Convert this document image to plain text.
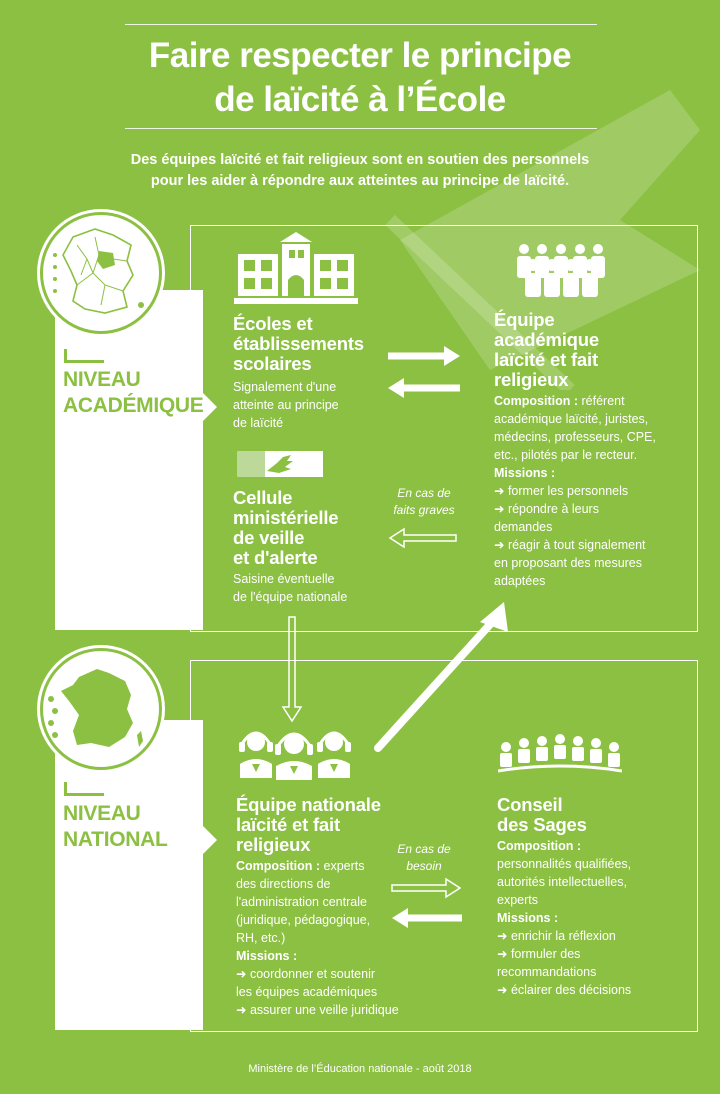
Faire respecter le principe
de laïcité à l’École
Des équipes laïcité et fait religieux sont en soutien des personnels
pour les aider à répondre aux atteintes au principe de laïcité.
NIVEAU
ACADÉMIQUE
Écoles et
établissements
scolaires
Signalement d'une
atteinte au principe
de laïcité
Cellule
ministérielle
de veille
et d'alerte
Saisine éventuelle
de l'équipe nationale
En cas de
faits graves
Équipe
académique
laïcité et fait
religieux
Composition : référent
académique laïcité, juristes,
médecins, professeurs, CPE,
etc., pilotés par le recteur.
Missions :
➜ former les personnels
➜ répondre à leurs
demandes
➜ réagir à tout signalement
en proposant des mesures
adaptées
NIVEAU
NATIONAL
Équipe nationale
laïcité et fait
religieux
Composition : experts
des directions de
l'administration centrale
(juridique, pédagogique,
RH, etc.)
Missions :
➜ coordonner et soutenir
les équipes académiques
➜ assurer une veille juridique
En cas de
besoin
Conseil
des Sages
Composition :
personnalités qualifiées,
autorités intellectuelles,
experts
Missions :
➜ enrichir la réflexion
➜ formuler des
recommandations
➜ éclairer des décisions
Ministère de l’Éducation nationale - août 2018
